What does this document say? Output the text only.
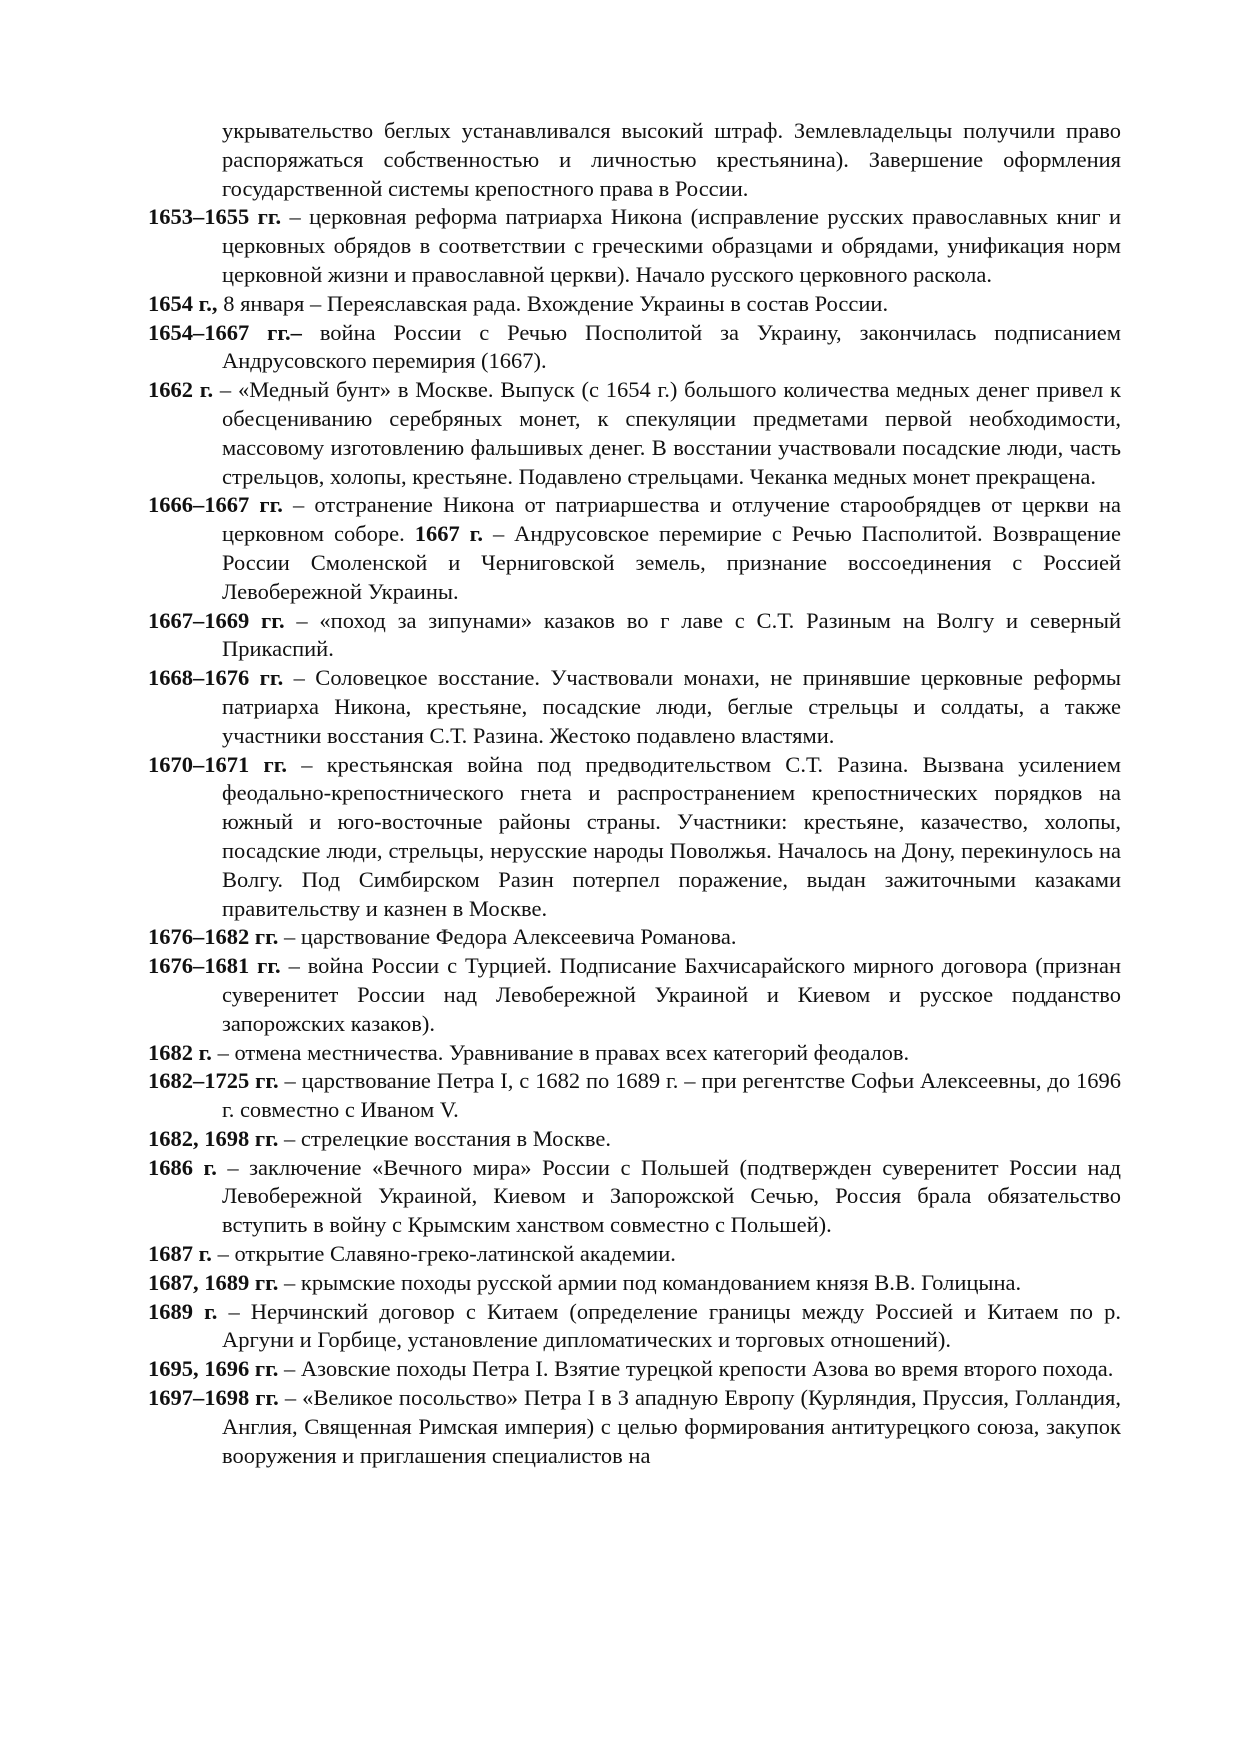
укрывательство беглых устанавливался высокий штраф. Землевладельцы получили право распоряжаться собственностью и личностью крестьянина). Завершение оформления государственной системы крепостного права в России.

1653–1655 гг. – церковная реформа патриарха Никона (исправление русских православных книг и церковных обрядов в соответствии с греческими образцами и обрядами, унификация норм церковной жизни и православной церкви). Начало русского церковного раскола.

1654 г., 8 января – Переяславская рада. Вхождение Украины в состав России.

1654–1667 гг.– война России с Речью Посполитой за Украину, закончилась подписанием Андрусовского перемирия (1667).

1662 г. – «Медный бунт» в Москве. Выпуск (с 1654 г.) большого количества медных денег привел к обесцениванию серебряных монет, к спекуляции предметами первой необходимости, массовому изготовлению фальшивых денег. В восстании участвовали посадские люди, часть стрельцов, холопы, крестьяне. Подавлено стрельцами. Чеканка медных монет прекращена.

1666–1667 гг. – отстранение Никона от патриаршества и отлучение старообрядцев от церкви на церковном соборе. 1667 г. – Андрусовское перемирие с Речью Пасполитой. Возвращение России Смоленской и Черниговской земель, признание воссоединения с Россией Левобережной Украины.

1667–1669 гг. – «поход за зипунами» казаков во г лаве с С.Т. Разиным на Волгу и северный Прикаспий.

1668–1676 гг. – Соловецкое восстание. Участвовали монахи, не принявшие церковные реформы патриарха Никона, крестьяне, посадские люди, беглые стрельцы и солдаты, а также участники восстания С.Т. Разина. Жестоко подавлено властями.

1670–1671 гг. – крестьянская война под предводительством С.Т. Разина. Вызвана усилением феодально-крепостнического гнета и распространением крепостнических порядков на южный и юго-восточные районы страны. Участники: крестьяне, казачество, холопы, посадские люди, стрельцы, нерусские народы Поволжья. Началось на Дону, перекинулось на Волгу. Под Симбирском Разин потерпел поражение, выдан зажиточными казаками правительству и казнен в Москве.

1676–1682 гг. – царствование Федора Алексеевича Романова.

1676–1681 гг. – война России с Турцией. Подписание Бахчисарайского мирного договора (признан суверенитет России над Левобережной Украиной и Киевом и русское подданство запорожских казаков).

1682 г. – отмена местничества. Уравнивание в правах всех категорий феодалов.

1682–1725 гг. – царствование Петра I, с 1682 по 1689 г. – при регентстве Софьи Алексеевны, до 1696 г. совместно с Иваном V.

1682, 1698 гг. – стрелецкие восстания в Москве.

1686 г. – заключение «Вечного мира» России с Польшей (подтвержден суверенитет России над Левобережной Украиной, Киевом и Запорожской Сечью, Россия брала обязательство вступить в войну с Крымским ханством совместно с Польшей).

1687 г. – открытие Славяно-греко-латинской академии.

1687, 1689 гг. – крымские походы русской армии под командованием князя В.В. Голицына.

1689 г. – Нерчинский договор с Китаем (определение границы между Россией и Китаем по р. Аргуни и Горбице, установление дипломатических и торговых отношений).

1695, 1696 гг. – Азовские походы Петра I. Взятие турецкой крепости Азова во время второго похода.

1697–1698 гг. – «Великое посольство» Петра I в З ападную Европу (Курляндия, Пруссия, Голландия, Англия, Священная Римская империя) с целью формирования антитурецкого союза, закупок вооружения и приглашения специалистов на
